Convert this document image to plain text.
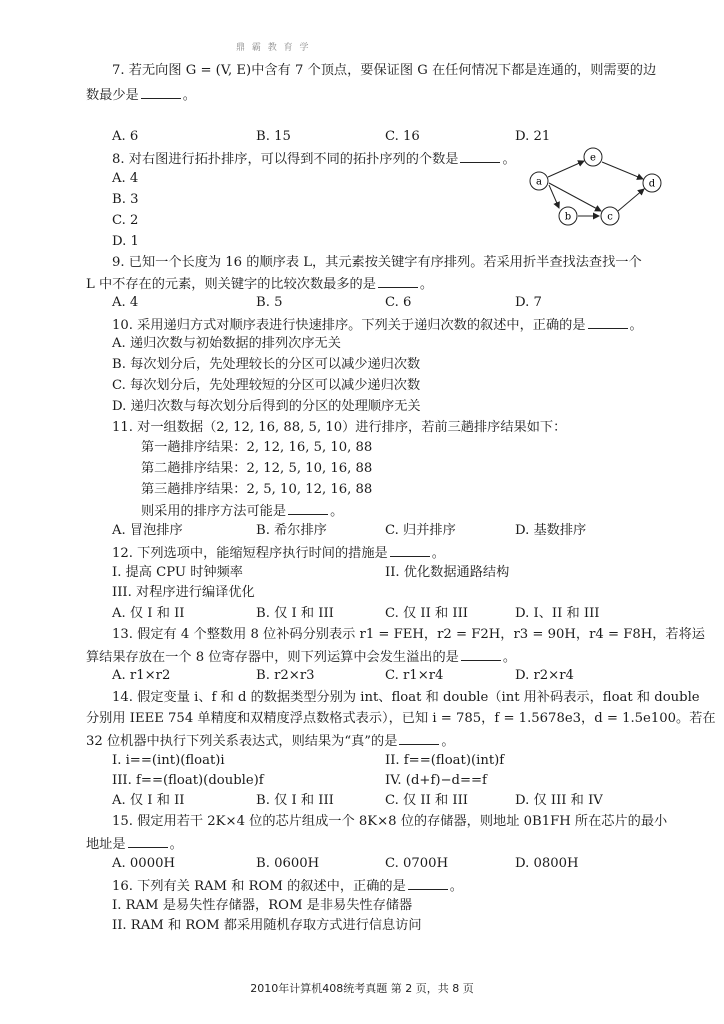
鼎 霸 教 育 学
7. 若无向图 G = (V, E)中含有 7 个顶点，要保证图 G 在任何情况下都是连通的，则需要的边
数最少是	。
A. 6	B. 15	C. 16	D. 21
8. 对右图进行拓扑排序，可以得到不同的拓扑序列的个数是	。
A. 4
B. 3
C. 2
D. 1
a
b	c
d
e
9. 已知一个长度为 16 的顺序表 L，其元素按关键字有序排列。若采用折半查找法查找一个
L 中不存在的元素，则关键字的比较次数最多的是	。
A. 4	B. 5	C. 6	D. 7
10. 采用递归方式对顺序表进行快速排序。下列关于递归次数的叙述中，正确的是	。
A. 递归次数与初始数据的排列次序无关
B. 每次划分后，先处理较长的分区可以减少递归次数
C. 每次划分后，先处理较短的分区可以减少递归次数
D. 递归次数与每次划分后得到的分区的处理顺序无关
11. 对一组数据（2, 12, 16, 88, 5, 10）进行排序，若前三趟排序结果如下：
第一趟排序结果：2, 12, 16, 5, 10, 88
第二趟排序结果：2, 12, 5, 10, 16, 88
第三趟排序结果：2, 5, 10, 12, 16, 88
则采用的排序方法可能是	。
A. 冒泡排序	B. 希尔排序	C. 归并排序	D. 基数排序
12. 下列选项中，能缩短程序执行时间的措施是	。
I. 提高 CPU 时钟频率	II. 优化数据通路结构
III. 对程序进行编译优化
A. 仅 I 和 II	B. 仅 I 和 III	C. 仅 II 和 III	D. I、II 和 III
13. 假定有 4 个整数用 8 位补码分别表示 r1 = FEH，r2 = F2H，r3 = 90H，r4 = F8H，若将运
算结果存放在一个 8 位寄存器中，则下列运算中会发生溢出的是	。
A. r1×r2	B. r2×r3	C. r1×r4	D. r2×r4
14. 假定变量 i、f 和 d 的数据类型分别为 int、float 和 double（int 用补码表示，float 和 double
分别用 IEEE 754 单精度和双精度浮点数格式表示），已知 i = 785，f = 1.5678e3，d = 1.5e100。若在
32 位机器中执行下列关系表达式，则结果为“真”的是	。
I. i==(int)(float)i	II. f==(float)(int)f
III. f==(float)(double)f	IV. (d+f)−d==f
A. 仅 I 和 II	B. 仅 I 和 III	C. 仅 II 和 III	D. 仅 III 和 IV
15. 假定用若干 2K×4 位的芯片组成一个 8K×8 位的存储器，则地址 0B1FH 所在芯片的最小
地址是	。
A. 0000H	B. 0600H	C. 0700H	D. 0800H
16. 下列有关 RAM 和 ROM 的叙述中，正确的是	。
I. RAM 是易失性存储器，ROM 是非易失性存储器
II. RAM 和 ROM 都采用随机存取方式进行信息访问
2010年计算机408统考真题 第 2 页，共 8 页
